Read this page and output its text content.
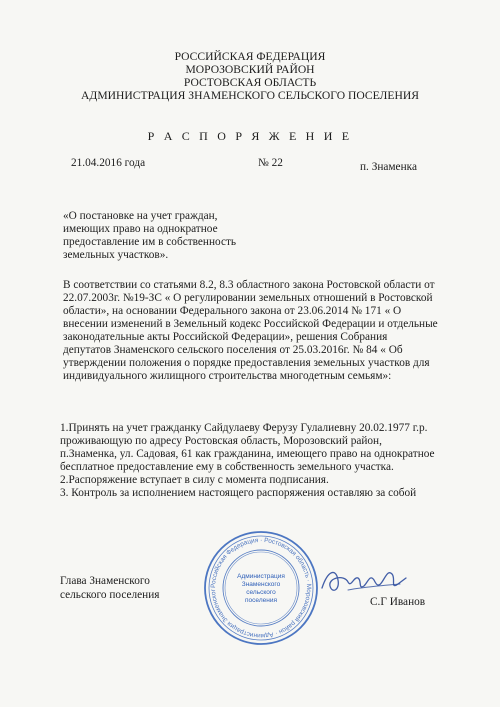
РОССИЙСКАЯ ФЕДЕРАЦИЯ
МОРОЗОВСКИЙ РАЙОН
РОСТОВСКАЯ ОБЛАСТЬ
АДМИНИСТРАЦИЯ ЗНАМЕНСКОГО СЕЛЬСКОГО ПОСЕЛЕНИЯ
Р А С П О Р Я Ж Е Н И Е
21.04.2016 года	№ 22	п. Знаменка
«О постановке на учет граждан,
имеющих право на однократное
предоставление им в собственность
земельных участков».
В соответствии со статьями 8.2, 8.3 областного закона Ростовской области от
22.07.2003г. №19-ЗС « О регулировании земельных отношений в Ростовской
области», на основании Федерального закона от 23.06.2014 № 171 « О
внесении изменений в Земельный кодекс Российской Федерации и отдельные
законодательные акты Российской Федерации», решения Собрания
депутатов Знаменского сельского поселения от 25.03.2016г. № 84 « Об
утверждении положения о порядке предоставления земельных участков для
индивидуального жилищного строительства многодетным семьям»:
1.Принять на учет гражданку Сайдулаеву Ферузу Гулалиевну 20.02.1977 г.р.
проживающую по адресу Ростовская область, Морозовский район,
п.Знаменка, ул. Садовая, 61 как гражданина, имеющего право на однократное
бесплатное предоставление ему в собственность земельного участка.
2.Распоряжение вступает в силу с момента подписания.
3. Контроль за исполнением настоящего распоряжения оставляю за собой
Глава Знаменского
сельского поселения
С.Г Иванов
Российская Федерация · Ростовская область · Морозовский район · Администрация Знаменског
Администрация
Знаменского
сельского
поселения
